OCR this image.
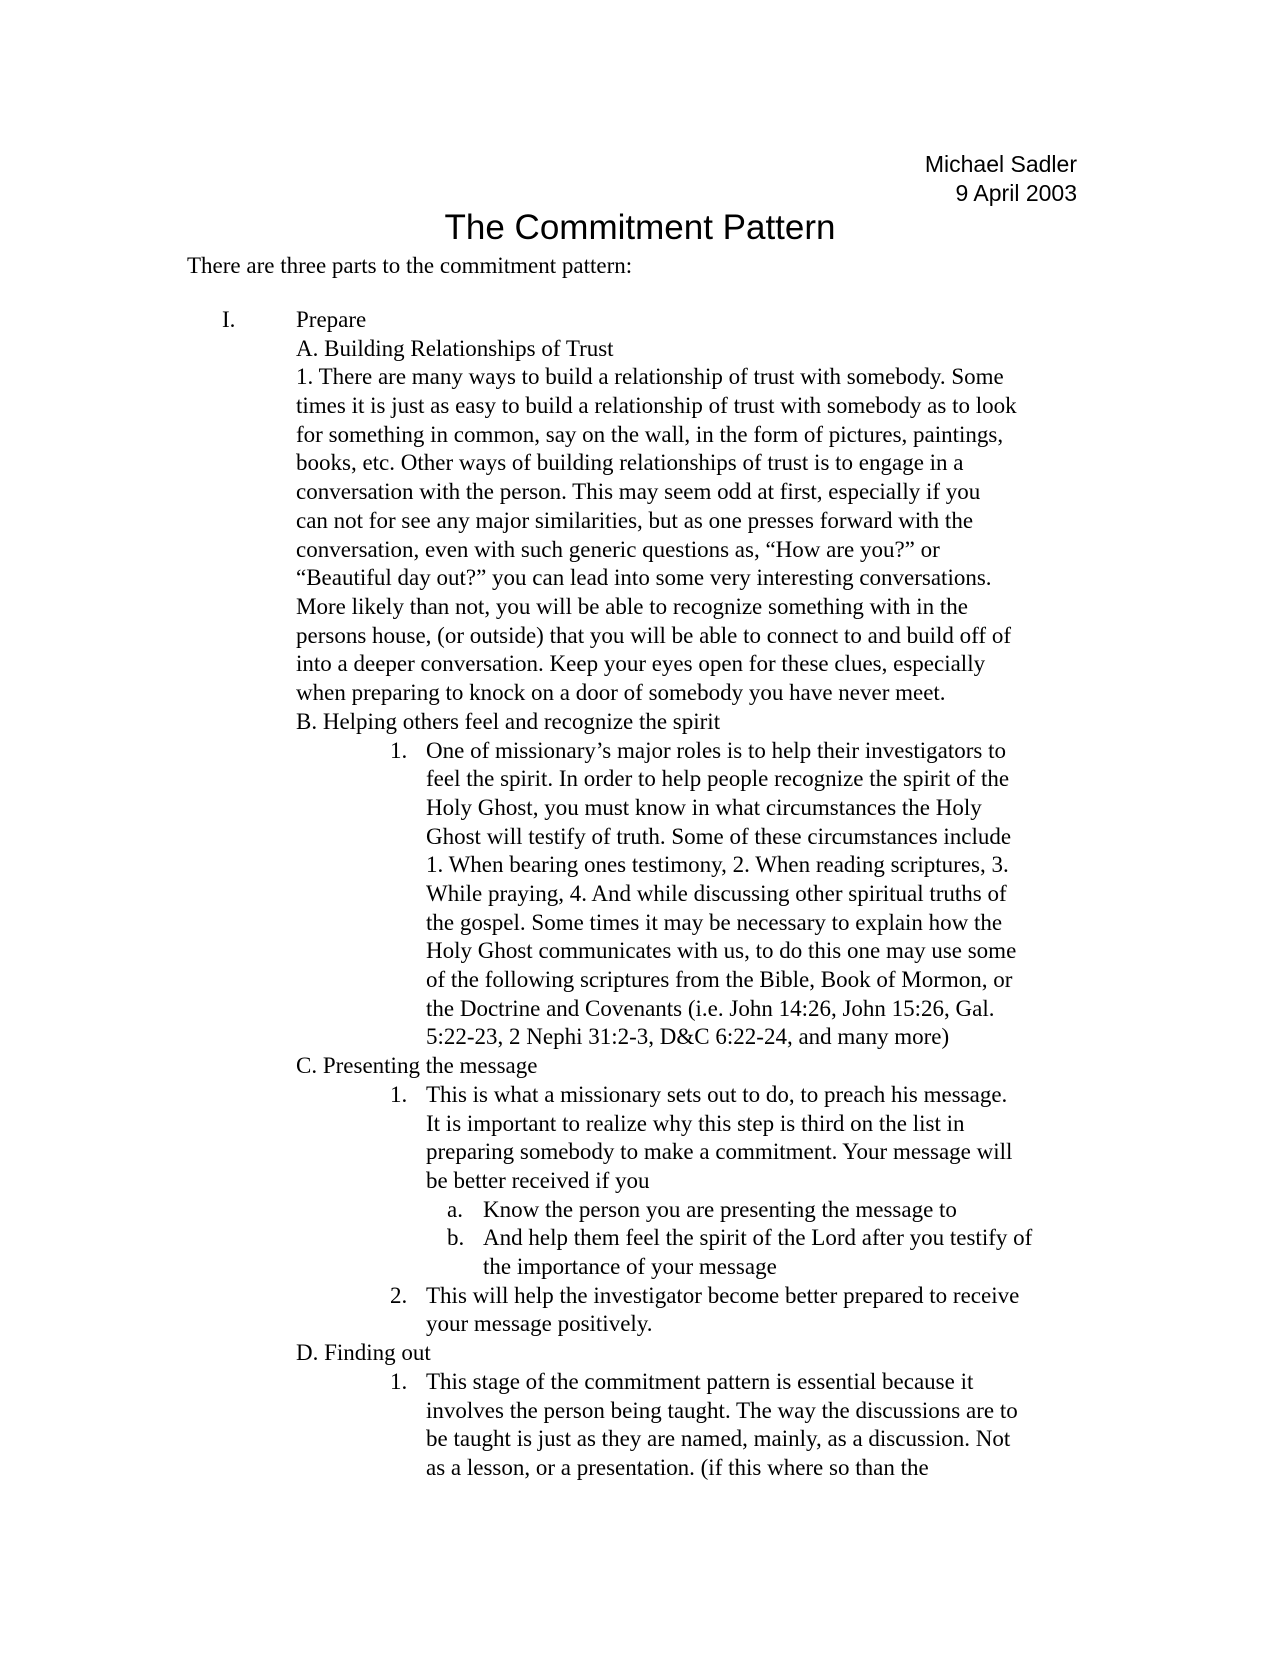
Michael Sadler
9 April 2003
The Commitment Pattern
There are three parts to the commitment pattern:
I.	Prepare
A. Building Relationships of Trust
1. There are many ways to build a relationship of trust with somebody. Some
times it is just as easy to build a relationship of trust with somebody as to look
for something in common, say on the wall, in the form of pictures, paintings,
books, etc. Other ways of building relationships of trust is to engage in a
conversation with the person. This may seem odd at first, especially if you
can not for see any major similarities, but as one presses forward with the
conversation, even with such generic questions as, “How are you?” or
“Beautiful day out?” you can lead into some very interesting conversations.
More likely than not, you will be able to recognize something with in the
persons house, (or outside) that you will be able to connect to and build off of
into a deeper conversation. Keep your eyes open for these clues, especially
when preparing to knock on a door of somebody you have never meet.
B. Helping others feel and recognize the spirit
1. One of missionary’s major roles is to help their investigators to
feel the spirit. In order to help people recognize the spirit of the
Holy Ghost, you must know in what circumstances the Holy
Ghost will testify of truth. Some of these circumstances include
1. When bearing ones testimony, 2. When reading scriptures, 3.
While praying, 4. And while discussing other spiritual truths of
the gospel. Some times it may be necessary to explain how the
Holy Ghost communicates with us, to do this one may use some
of the following scriptures from the Bible, Book of Mormon, or
the Doctrine and Covenants (i.e. John 14:26, John 15:26, Gal.
5:22-23, 2 Nephi 31:2-3, D&C 6:22-24, and many more)
C. Presenting the message
1. This is what a missionary sets out to do, to preach his message.
It is important to realize why this step is third on the list in
preparing somebody to make a commitment. Your message will
be better received if you
a. Know the person you are presenting the message to
b. And help them feel the spirit of the Lord after you testify of
the importance of your message
2. This will help the investigator become better prepared to receive
your message positively.
D. Finding out
1. This stage of the commitment pattern is essential because it
involves the person being taught. The way the discussions are to
be taught is just as they are named, mainly, as a discussion. Not
as a lesson, or a presentation. (if this where so than the
